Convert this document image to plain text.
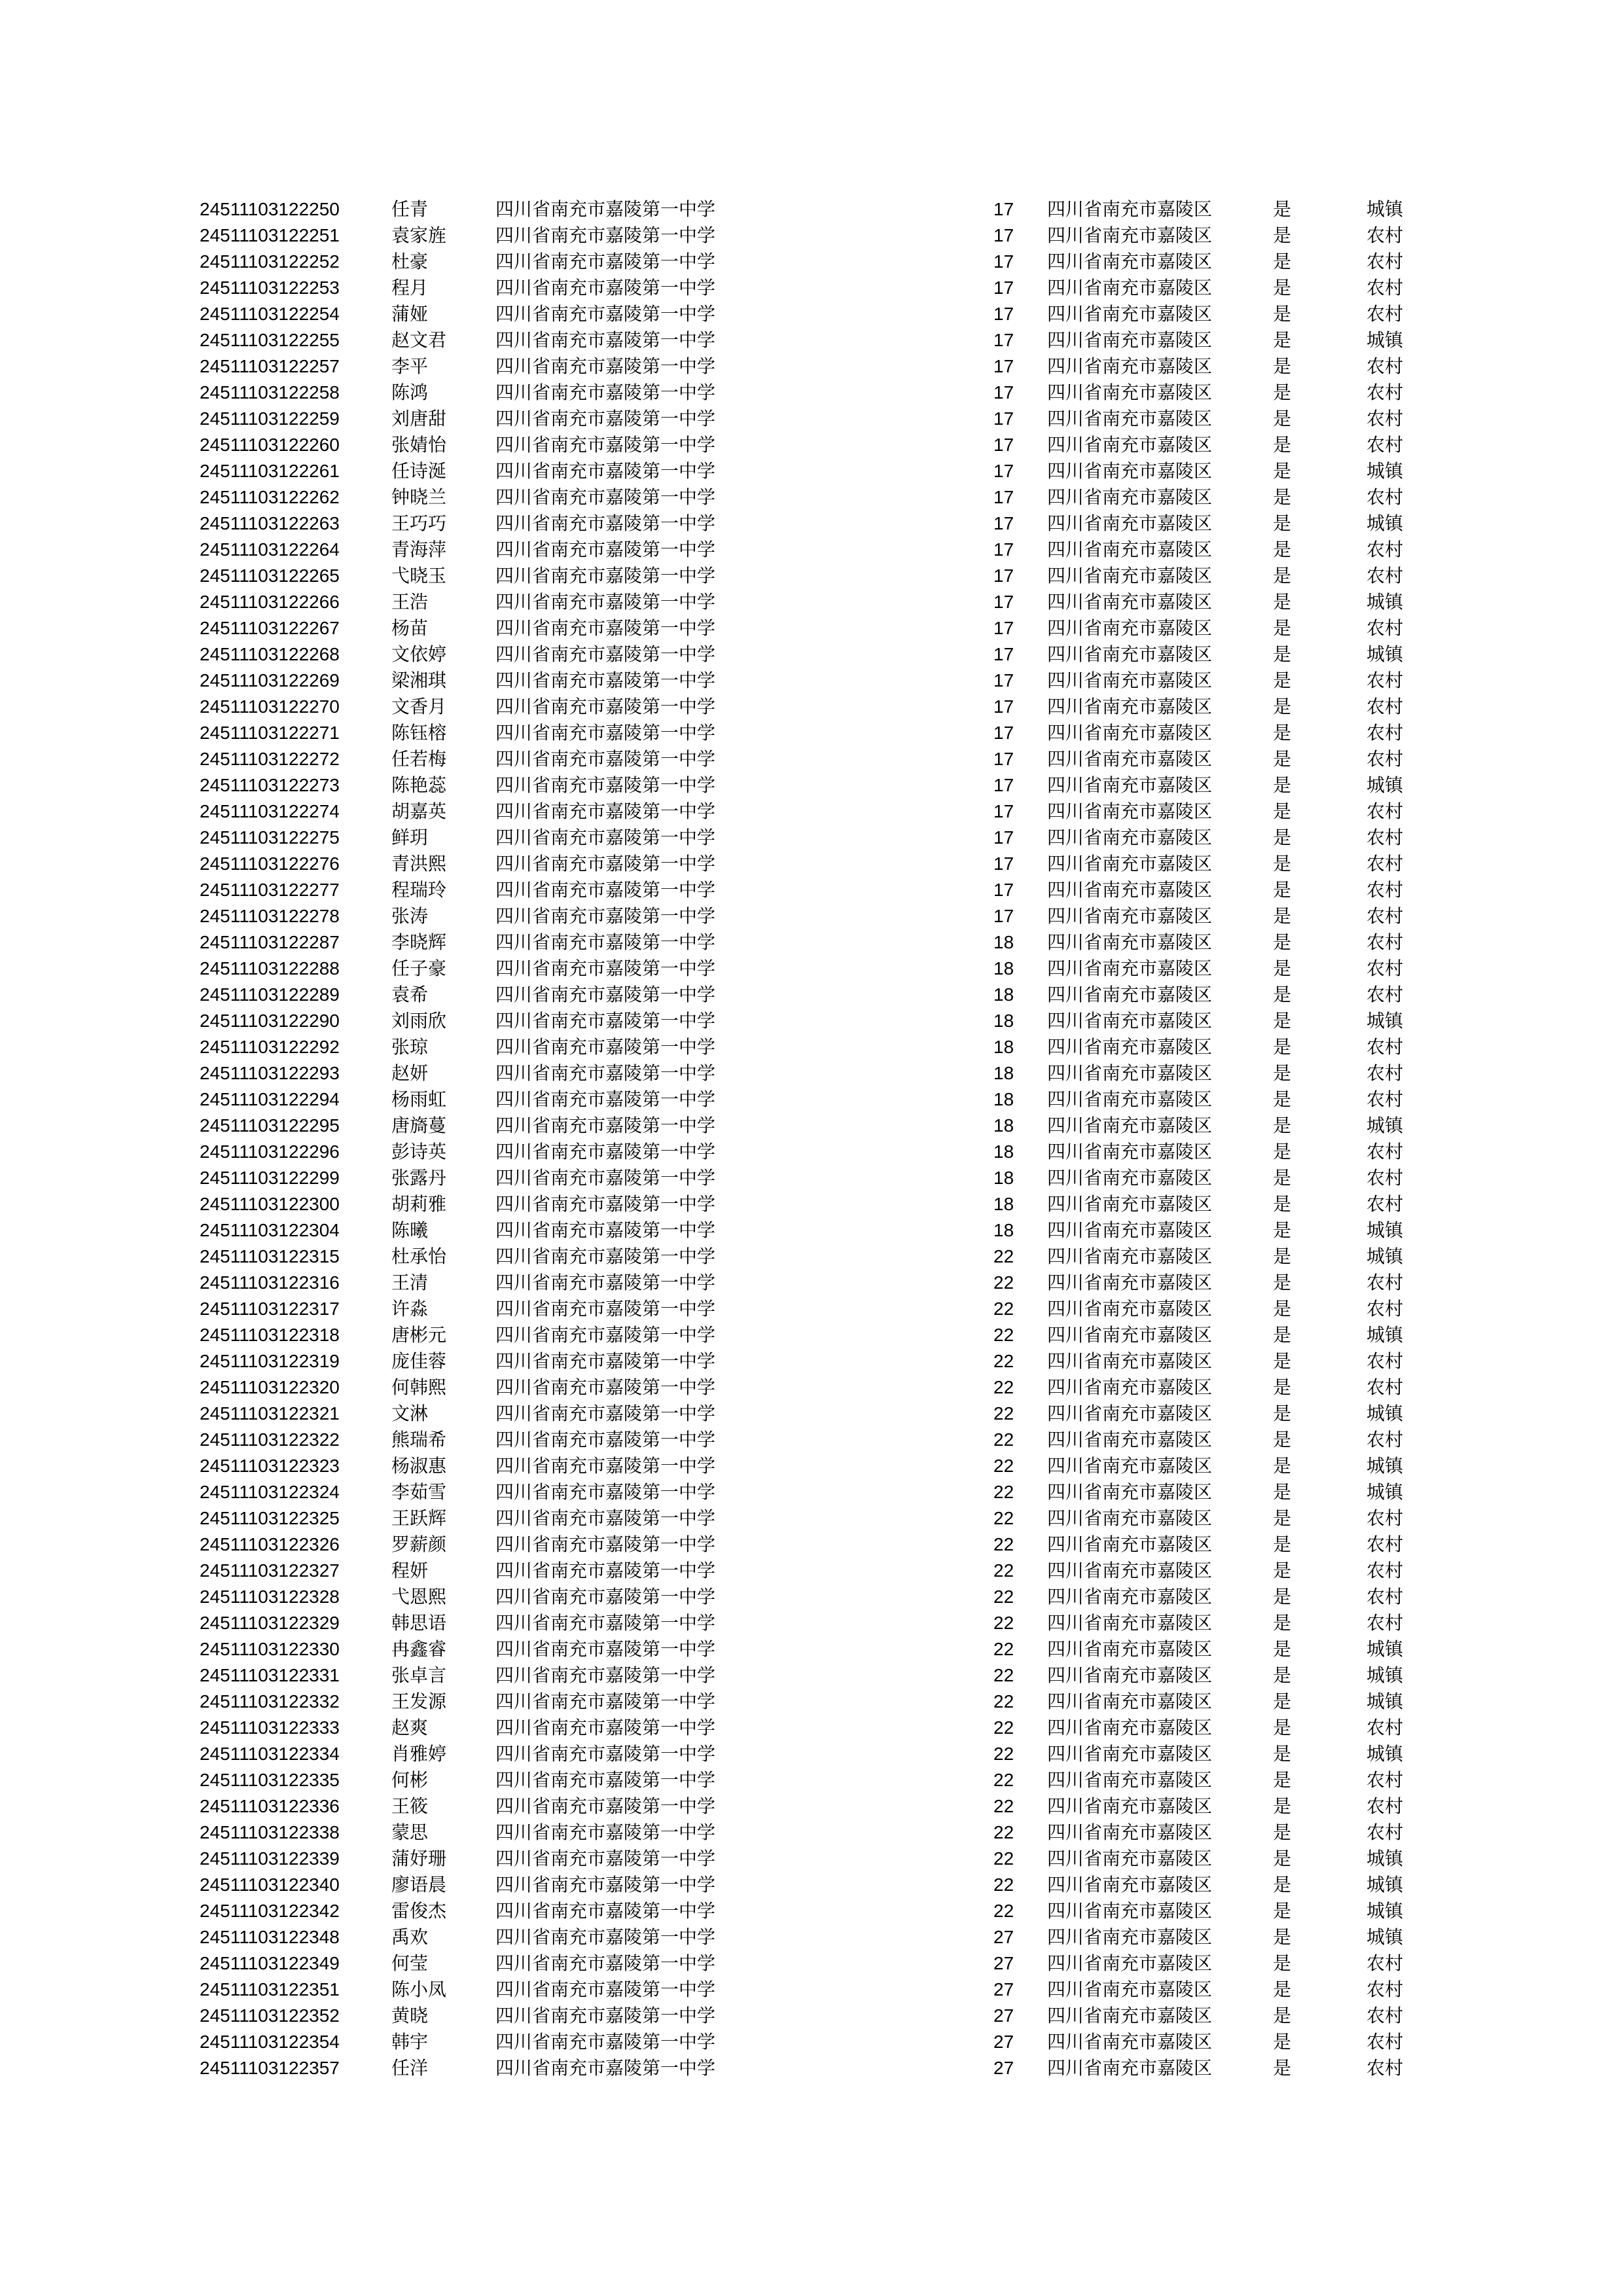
24511103122250	任青	四川省南充市嘉陵第一中学	17 四川省南充市嘉陵区	是	城镇
24511103122251	袁家旌	四川省南充市嘉陵第一中学	17 四川省南充市嘉陵区	是	农村
24511103122252	杜豪	四川省南充市嘉陵第一中学	17 四川省南充市嘉陵区	是	农村
24511103122253	程月	四川省南充市嘉陵第一中学	17 四川省南充市嘉陵区	是	农村
24511103122254	蒲娅	四川省南充市嘉陵第一中学	17 四川省南充市嘉陵区	是	农村
24511103122255	赵文君	四川省南充市嘉陵第一中学	17 四川省南充市嘉陵区	是	城镇
24511103122257	李平	四川省南充市嘉陵第一中学	17 四川省南充市嘉陵区	是	农村
24511103122258	陈鸿	四川省南充市嘉陵第一中学	17 四川省南充市嘉陵区	是	农村
24511103122259	刘唐甜	四川省南充市嘉陵第一中学	17 四川省南充市嘉陵区	是	农村
24511103122260	张婧怡	四川省南充市嘉陵第一中学	17 四川省南充市嘉陵区	是	农村
24511103122261	任诗涎	四川省南充市嘉陵第一中学	17 四川省南充市嘉陵区	是	城镇
24511103122262	钟晓兰	四川省南充市嘉陵第一中学	17 四川省南充市嘉陵区	是	农村
24511103122263	王巧巧	四川省南充市嘉陵第一中学	17 四川省南充市嘉陵区	是	城镇
24511103122264	青海萍	四川省南充市嘉陵第一中学	17 四川省南充市嘉陵区	是	农村
24511103122265	弋晓玉	四川省南充市嘉陵第一中学	17 四川省南充市嘉陵区	是	农村
24511103122266	王浩	四川省南充市嘉陵第一中学	17 四川省南充市嘉陵区	是	城镇
24511103122267	杨苗	四川省南充市嘉陵第一中学	17 四川省南充市嘉陵区	是	农村
24511103122268	文依婷	四川省南充市嘉陵第一中学	17 四川省南充市嘉陵区	是	城镇
24511103122269	梁湘琪	四川省南充市嘉陵第一中学	17 四川省南充市嘉陵区	是	农村
24511103122270	文香月	四川省南充市嘉陵第一中学	17 四川省南充市嘉陵区	是	农村
24511103122271	陈钰榕	四川省南充市嘉陵第一中学	17 四川省南充市嘉陵区	是	农村
24511103122272	任若梅	四川省南充市嘉陵第一中学	17 四川省南充市嘉陵区	是	农村
24511103122273	陈艳蕊	四川省南充市嘉陵第一中学	17 四川省南充市嘉陵区	是	城镇
24511103122274	胡嘉英	四川省南充市嘉陵第一中学	17 四川省南充市嘉陵区	是	农村
24511103122275	鲜玥	四川省南充市嘉陵第一中学	17 四川省南充市嘉陵区	是	农村
24511103122276	青洪熙	四川省南充市嘉陵第一中学	17 四川省南充市嘉陵区	是	农村
24511103122277	程瑞玲	四川省南充市嘉陵第一中学	17 四川省南充市嘉陵区	是	农村
24511103122278	张涛	四川省南充市嘉陵第一中学	17 四川省南充市嘉陵区	是	农村
24511103122287	李晓辉	四川省南充市嘉陵第一中学	18 四川省南充市嘉陵区	是	农村
24511103122288	任子豪	四川省南充市嘉陵第一中学	18 四川省南充市嘉陵区	是	农村
24511103122289	袁希	四川省南充市嘉陵第一中学	18 四川省南充市嘉陵区	是	农村
24511103122290	刘雨欣	四川省南充市嘉陵第一中学	18 四川省南充市嘉陵区	是	城镇
24511103122292	张琼	四川省南充市嘉陵第一中学	18 四川省南充市嘉陵区	是	农村
24511103122293	赵妍	四川省南充市嘉陵第一中学	18 四川省南充市嘉陵区	是	农村
24511103122294	杨雨虹	四川省南充市嘉陵第一中学	18 四川省南充市嘉陵区	是	农村
24511103122295	唐旖蔓	四川省南充市嘉陵第一中学	18 四川省南充市嘉陵区	是	城镇
24511103122296	彭诗英	四川省南充市嘉陵第一中学	18 四川省南充市嘉陵区	是	农村
24511103122299	张露丹	四川省南充市嘉陵第一中学	18 四川省南充市嘉陵区	是	农村
24511103122300	胡莉雅	四川省南充市嘉陵第一中学	18 四川省南充市嘉陵区	是	农村
24511103122304	陈曦	四川省南充市嘉陵第一中学	18 四川省南充市嘉陵区	是	城镇
24511103122315	杜承怡	四川省南充市嘉陵第一中学	22 四川省南充市嘉陵区	是	城镇
24511103122316	王清	四川省南充市嘉陵第一中学	22 四川省南充市嘉陵区	是	农村
24511103122317	许淼	四川省南充市嘉陵第一中学	22 四川省南充市嘉陵区	是	农村
24511103122318	唐彬元	四川省南充市嘉陵第一中学	22 四川省南充市嘉陵区	是	城镇
24511103122319	庞佳蓉	四川省南充市嘉陵第一中学	22 四川省南充市嘉陵区	是	农村
24511103122320	何韩熙	四川省南充市嘉陵第一中学	22 四川省南充市嘉陵区	是	农村
24511103122321	文淋	四川省南充市嘉陵第一中学	22 四川省南充市嘉陵区	是	城镇
24511103122322	熊瑞希	四川省南充市嘉陵第一中学	22 四川省南充市嘉陵区	是	农村
24511103122323	杨淑惠	四川省南充市嘉陵第一中学	22 四川省南充市嘉陵区	是	城镇
24511103122324	李茹雪	四川省南充市嘉陵第一中学	22 四川省南充市嘉陵区	是	城镇
24511103122325	王跃辉	四川省南充市嘉陵第一中学	22 四川省南充市嘉陵区	是	农村
24511103122326	罗薪颜	四川省南充市嘉陵第一中学	22 四川省南充市嘉陵区	是	农村
24511103122327	程妍	四川省南充市嘉陵第一中学	22 四川省南充市嘉陵区	是	农村
24511103122328	弋恩熙	四川省南充市嘉陵第一中学	22 四川省南充市嘉陵区	是	农村
24511103122329	韩思语	四川省南充市嘉陵第一中学	22 四川省南充市嘉陵区	是	农村
24511103122330	冉鑫睿	四川省南充市嘉陵第一中学	22 四川省南充市嘉陵区	是	城镇
24511103122331	张卓言	四川省南充市嘉陵第一中学	22 四川省南充市嘉陵区	是	城镇
24511103122332	王发源	四川省南充市嘉陵第一中学	22 四川省南充市嘉陵区	是	城镇
24511103122333	赵爽	四川省南充市嘉陵第一中学	22 四川省南充市嘉陵区	是	农村
24511103122334	肖雅婷	四川省南充市嘉陵第一中学	22 四川省南充市嘉陵区	是	城镇
24511103122335	何彬	四川省南充市嘉陵第一中学	22 四川省南充市嘉陵区	是	农村
24511103122336	王筱	四川省南充市嘉陵第一中学	22 四川省南充市嘉陵区	是	农村
24511103122338	蒙思	四川省南充市嘉陵第一中学	22 四川省南充市嘉陵区	是	农村
24511103122339	蒲妤珊	四川省南充市嘉陵第一中学	22 四川省南充市嘉陵区	是	城镇
24511103122340	廖语晨	四川省南充市嘉陵第一中学	22 四川省南充市嘉陵区	是	城镇
24511103122342	雷俊杰	四川省南充市嘉陵第一中学	22 四川省南充市嘉陵区	是	城镇
24511103122348	禹欢	四川省南充市嘉陵第一中学	27 四川省南充市嘉陵区	是	城镇
24511103122349	何莹	四川省南充市嘉陵第一中学	27 四川省南充市嘉陵区	是	农村
24511103122351	陈小凤	四川省南充市嘉陵第一中学	27 四川省南充市嘉陵区	是	农村
24511103122352	黄晓	四川省南充市嘉陵第一中学	27 四川省南充市嘉陵区	是	农村
24511103122354	韩宇	四川省南充市嘉陵第一中学	27 四川省南充市嘉陵区	是	农村
24511103122357	任洋	四川省南充市嘉陵第一中学	27 四川省南充市嘉陵区	是	农村
